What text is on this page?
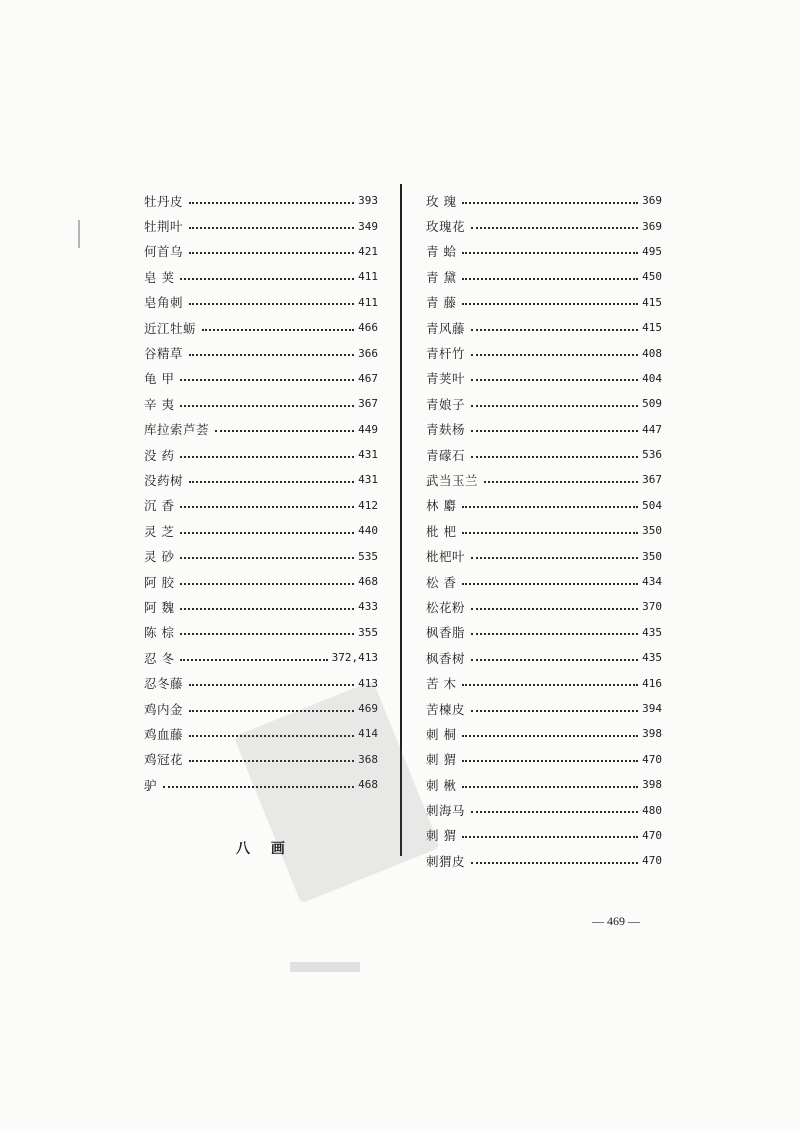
牡丹皮	393
牡荆叶	349
何首乌	421
皂 荚	411
皂角刺	411
近江牡蛎	466
谷精草	366
龟 甲	467
辛 夷	367
库拉索芦荟	449
没 药	431
没药树	431
沉 香	412
灵 芝	440
灵 砂	535
阿 胶	468
阿 魏	433
陈 棕	355
忍 冬	372,413
忍冬藤	413
鸡内金	469
鸡血藤	414
鸡冠花	368
驴	468
玫 瑰	369
玫瑰花	369
青 蛤	495
青 黛	450
青 藤	415
青风藤	415
青杆竹	408
青荚叶	404
青娘子	509
青麸杨	447
青礞石	536
武当玉兰	367
林 麝	504
枇 杷	350
枇杷叶	350
松 香	434
松花粉	370
枫香脂	435
枫香树	435
苦 木	416
苦楝皮	394
刺 桐	398
刺 猬	470
刺 楸	398
刺海马	480
刺 猬	470
刺猬皮	470
八 画
— 469 —
